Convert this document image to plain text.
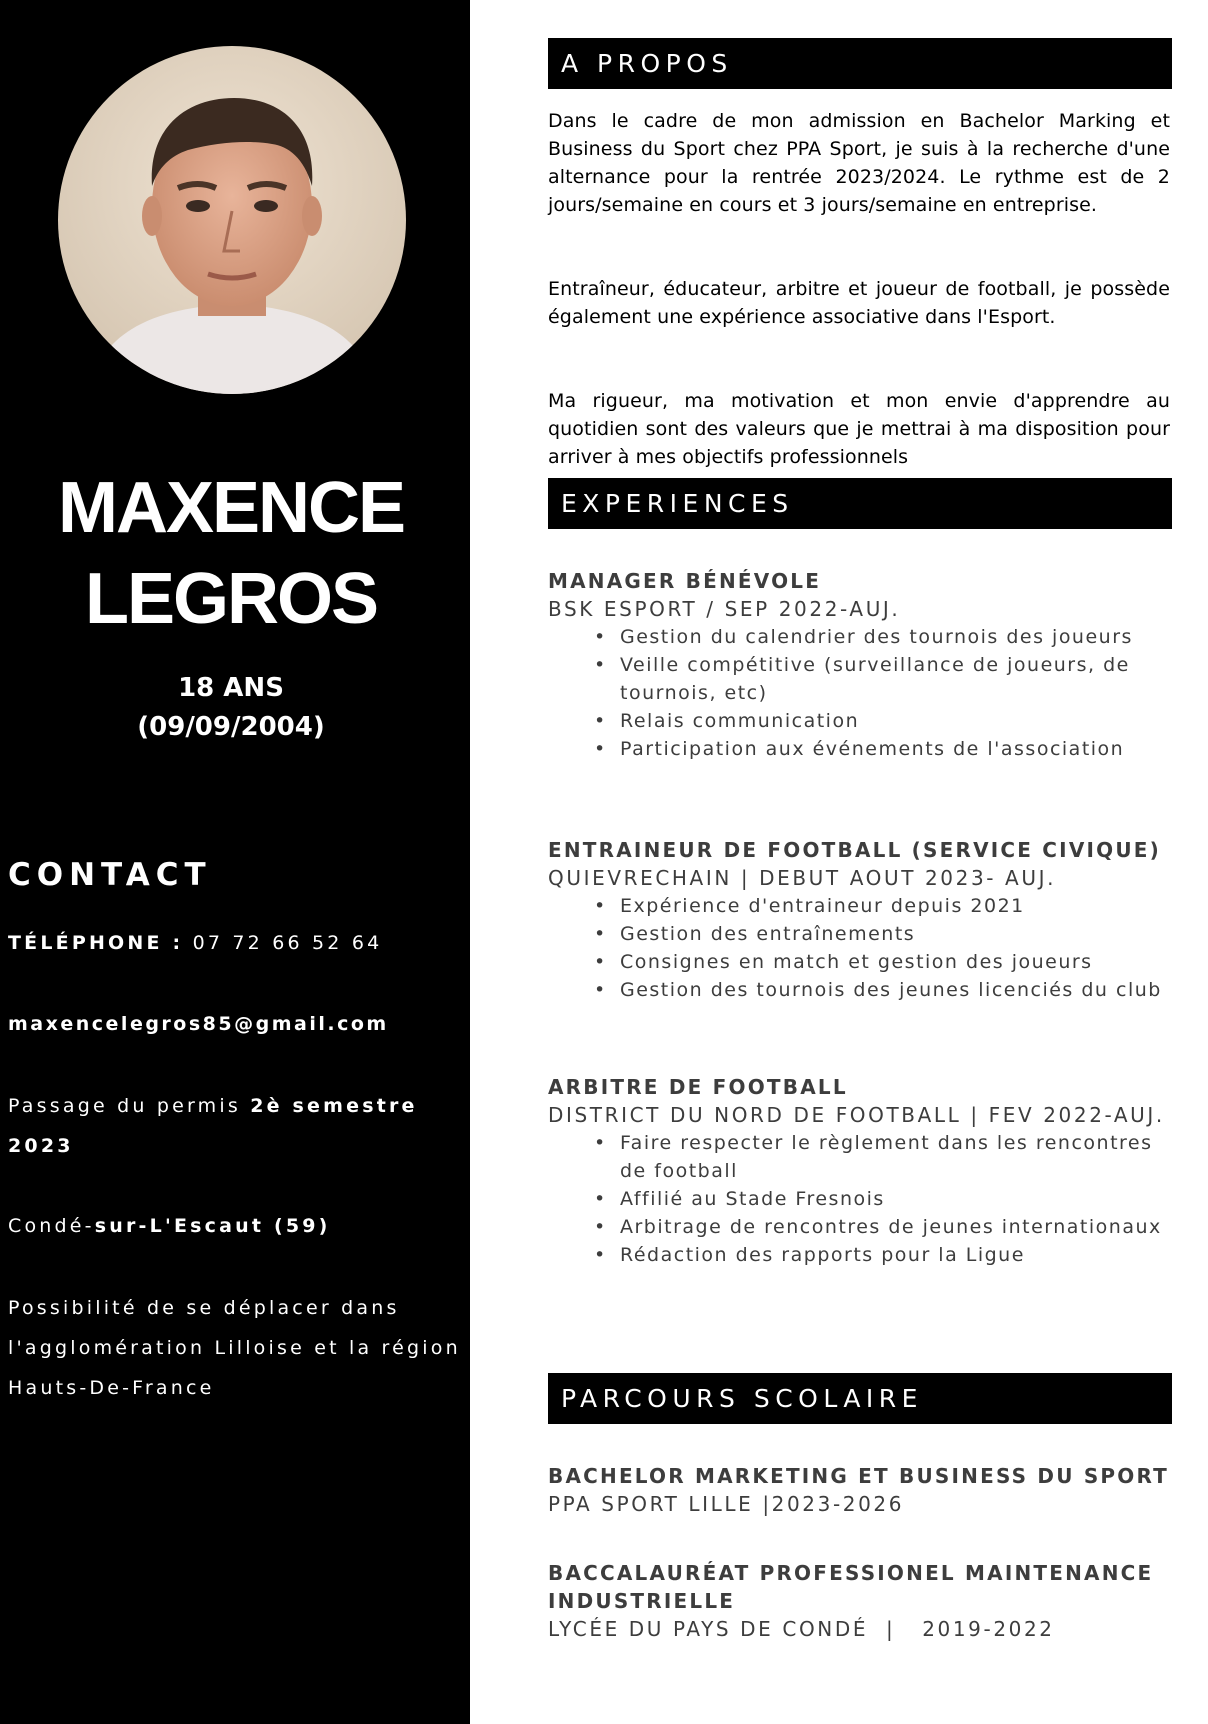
MAXENCE
LEGROS
18 ANS
(09/09/2004)
CONTACT

TÉLÉPHONE : 07 72 66 52 64

maxencelegros85@gmail.com

Passage du permis 2è semestre 2023

Condé-sur-L'Escaut (59)

Possibilité de se déplacer dans l'agglomération Lilloise et la région Hauts-De-France

A PROPOS

Dans le cadre de mon admission en Bachelor Marking et Business du Sport chez PPA Sport, je suis à la recherche d'une alternance pour la rentrée 2023/2024. Le rythme est de 2 jours/semaine en cours et 3 jours/semaine en entreprise.

Entraîneur, éducateur, arbitre et joueur de football, je possède également une expérience associative dans l'Esport.

Ma rigueur, ma motivation et mon envie d'apprendre au quotidien sont des valeurs que je mettrai à ma disposition pour arriver à mes objectifs professionnels

EXPERIENCES

MANAGER BÉNÉVOLE

BSK ESPORT / SEP 2022-AUJ.

• Gestion du calendrier des tournois des joueurs
• Veille compétitive (surveillance de joueurs, de tournois, etc)
• Relais communication
• Participation aux événements de l'association

ENTRAINEUR DE FOOTBALL (SERVICE CIVIQUE)

QUIEVRECHAIN | DEBUT AOUT 2023- AUJ.

• Expérience d'entraineur depuis 2021
• Gestion des entraînements
• Consignes en match et gestion des joueurs
• Gestion des tournois des jeunes licenciés du club

ARBITRE DE FOOTBALL

DISTRICT DU NORD DE FOOTBALL | FEV 2022-AUJ.

• Faire respecter le règlement dans les rencontres de football
• Affilié au Stade Fresnois
• Arbitrage de rencontres de jeunes internationaux
• Rédaction des rapports pour la Ligue
PARCOURS SCOLAIRE

BACHELOR MARKETING ET BUSINESS DU SPORT

PPA SPORT LILLE |2023-2026

BACCALAURÉAT PROFESSIONEL MAINTENANCE INDUSTRIELLE

LYCÉE DU PAYS DE CONDÉ  |   2019-2022
